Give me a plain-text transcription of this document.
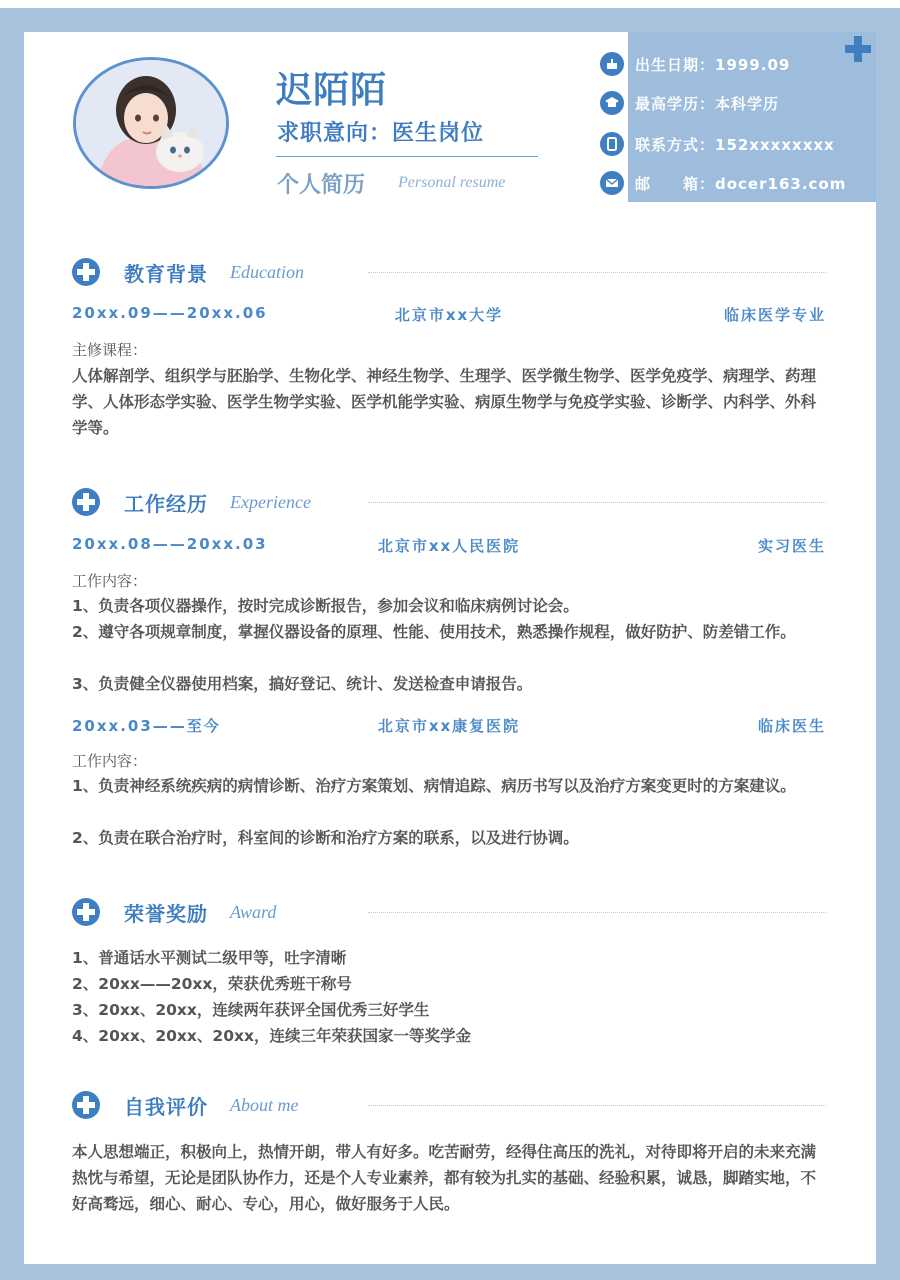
迟陌陌
求职意向：医生岗位
个人简历 Personal resume
出生日期：1999.09
最高学历：本科学历
联系方式：152xxxxxxxx
邮　　箱：docer163.com
教育背景 Education
20xx.09——20xx.06	北京市xx大学	临床医学专业
主修课程：
人体解剖学、组织学与胚胎学、生物化学、神经生物学、生理学、医学微生物学、医学免疫学、病理学、药理学、人体形态学实验、医学生物学实验、医学机能学实验、病原生物学与免疫学实验、诊断学、内科学、外科学等。
工作经历 Experience
20xx.08——20xx.03	北京市xx人民医院	实习医生
工作内容：
1、负责各项仪器操作，按时完成诊断报告，参加会议和临床病例讨论会。
2、遵守各项规章制度，掌握仪器设备的原理、性能、使用技术，熟悉操作规程，做好防护、防差错工作。
3、负责健全仪器使用档案，搞好登记、统计、发送检查申请报告。
20xx.03——至今	北京市xx康复医院	临床医生
工作内容：
1、负责神经系统疾病的病情诊断、治疗方案策划、病情追踪、病历书写以及治疗方案变更时的方案建议。
2、负责在联合治疗时，科室间的诊断和治疗方案的联系，以及进行协调。
荣誉奖励 Award
1、普通话水平测试二级甲等，吐字清晰
2、20xx——20xx，荣获优秀班干称号
3、20xx、20xx，连续两年获评全国优秀三好学生
4、20xx、20xx、20xx，连续三年荣获国家一等奖学金
自我评价 About me
本人思想端正，积极向上，热情开朗，带人有好多。吃苦耐劳，经得住高压的洗礼，对待即将开启的未来充满热忱与希望，无论是团队协作力，还是个人专业素养，都有较为扎实的基础、经验积累，诚恳，脚踏实地，不好高骛远，细心、耐心、专心，用心，做好服务于人民。
